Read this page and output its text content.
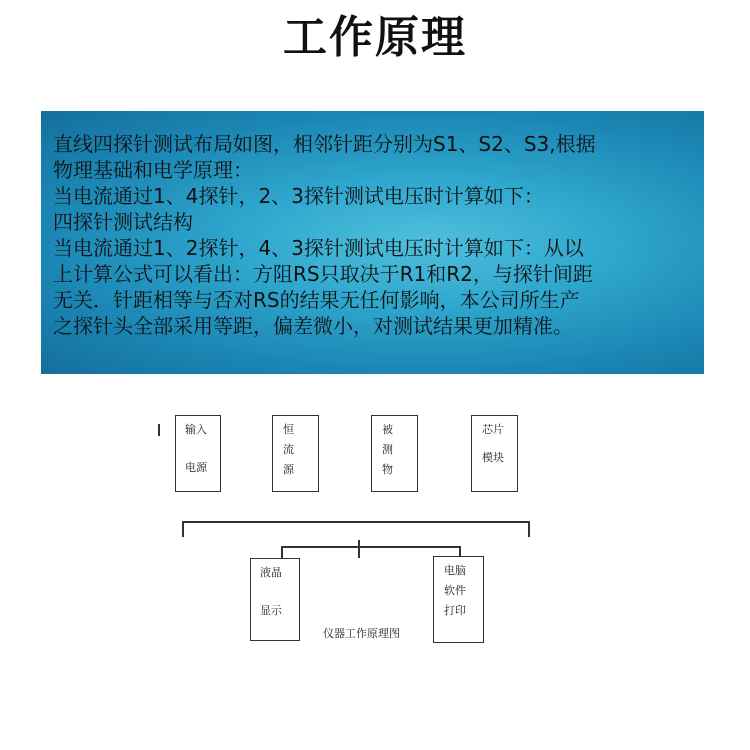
工作原理

直线四探针测试布局如图，相邻针距分别为S1、S2、S3,根据

物理基础和电学原理：

当电流通过1、4探针，2、3探针测试电压时计算如下：

四探针测试结构

当电流通过1、2探针，4、3探针测试电压时计算如下：从以

上计算公式可以看出：方阻RS只取决于R1和R2，与探针间距

无关．针距相等与否对RS的结果无任何影响，本公司所生产

之探针头全部采用等距，偏差微小，对测试结果更加精准。

输入
电源
恒
流
源
被
测
物
芯片
模块
液晶
显示
电脑
软件
打印
仪器工作原理图
